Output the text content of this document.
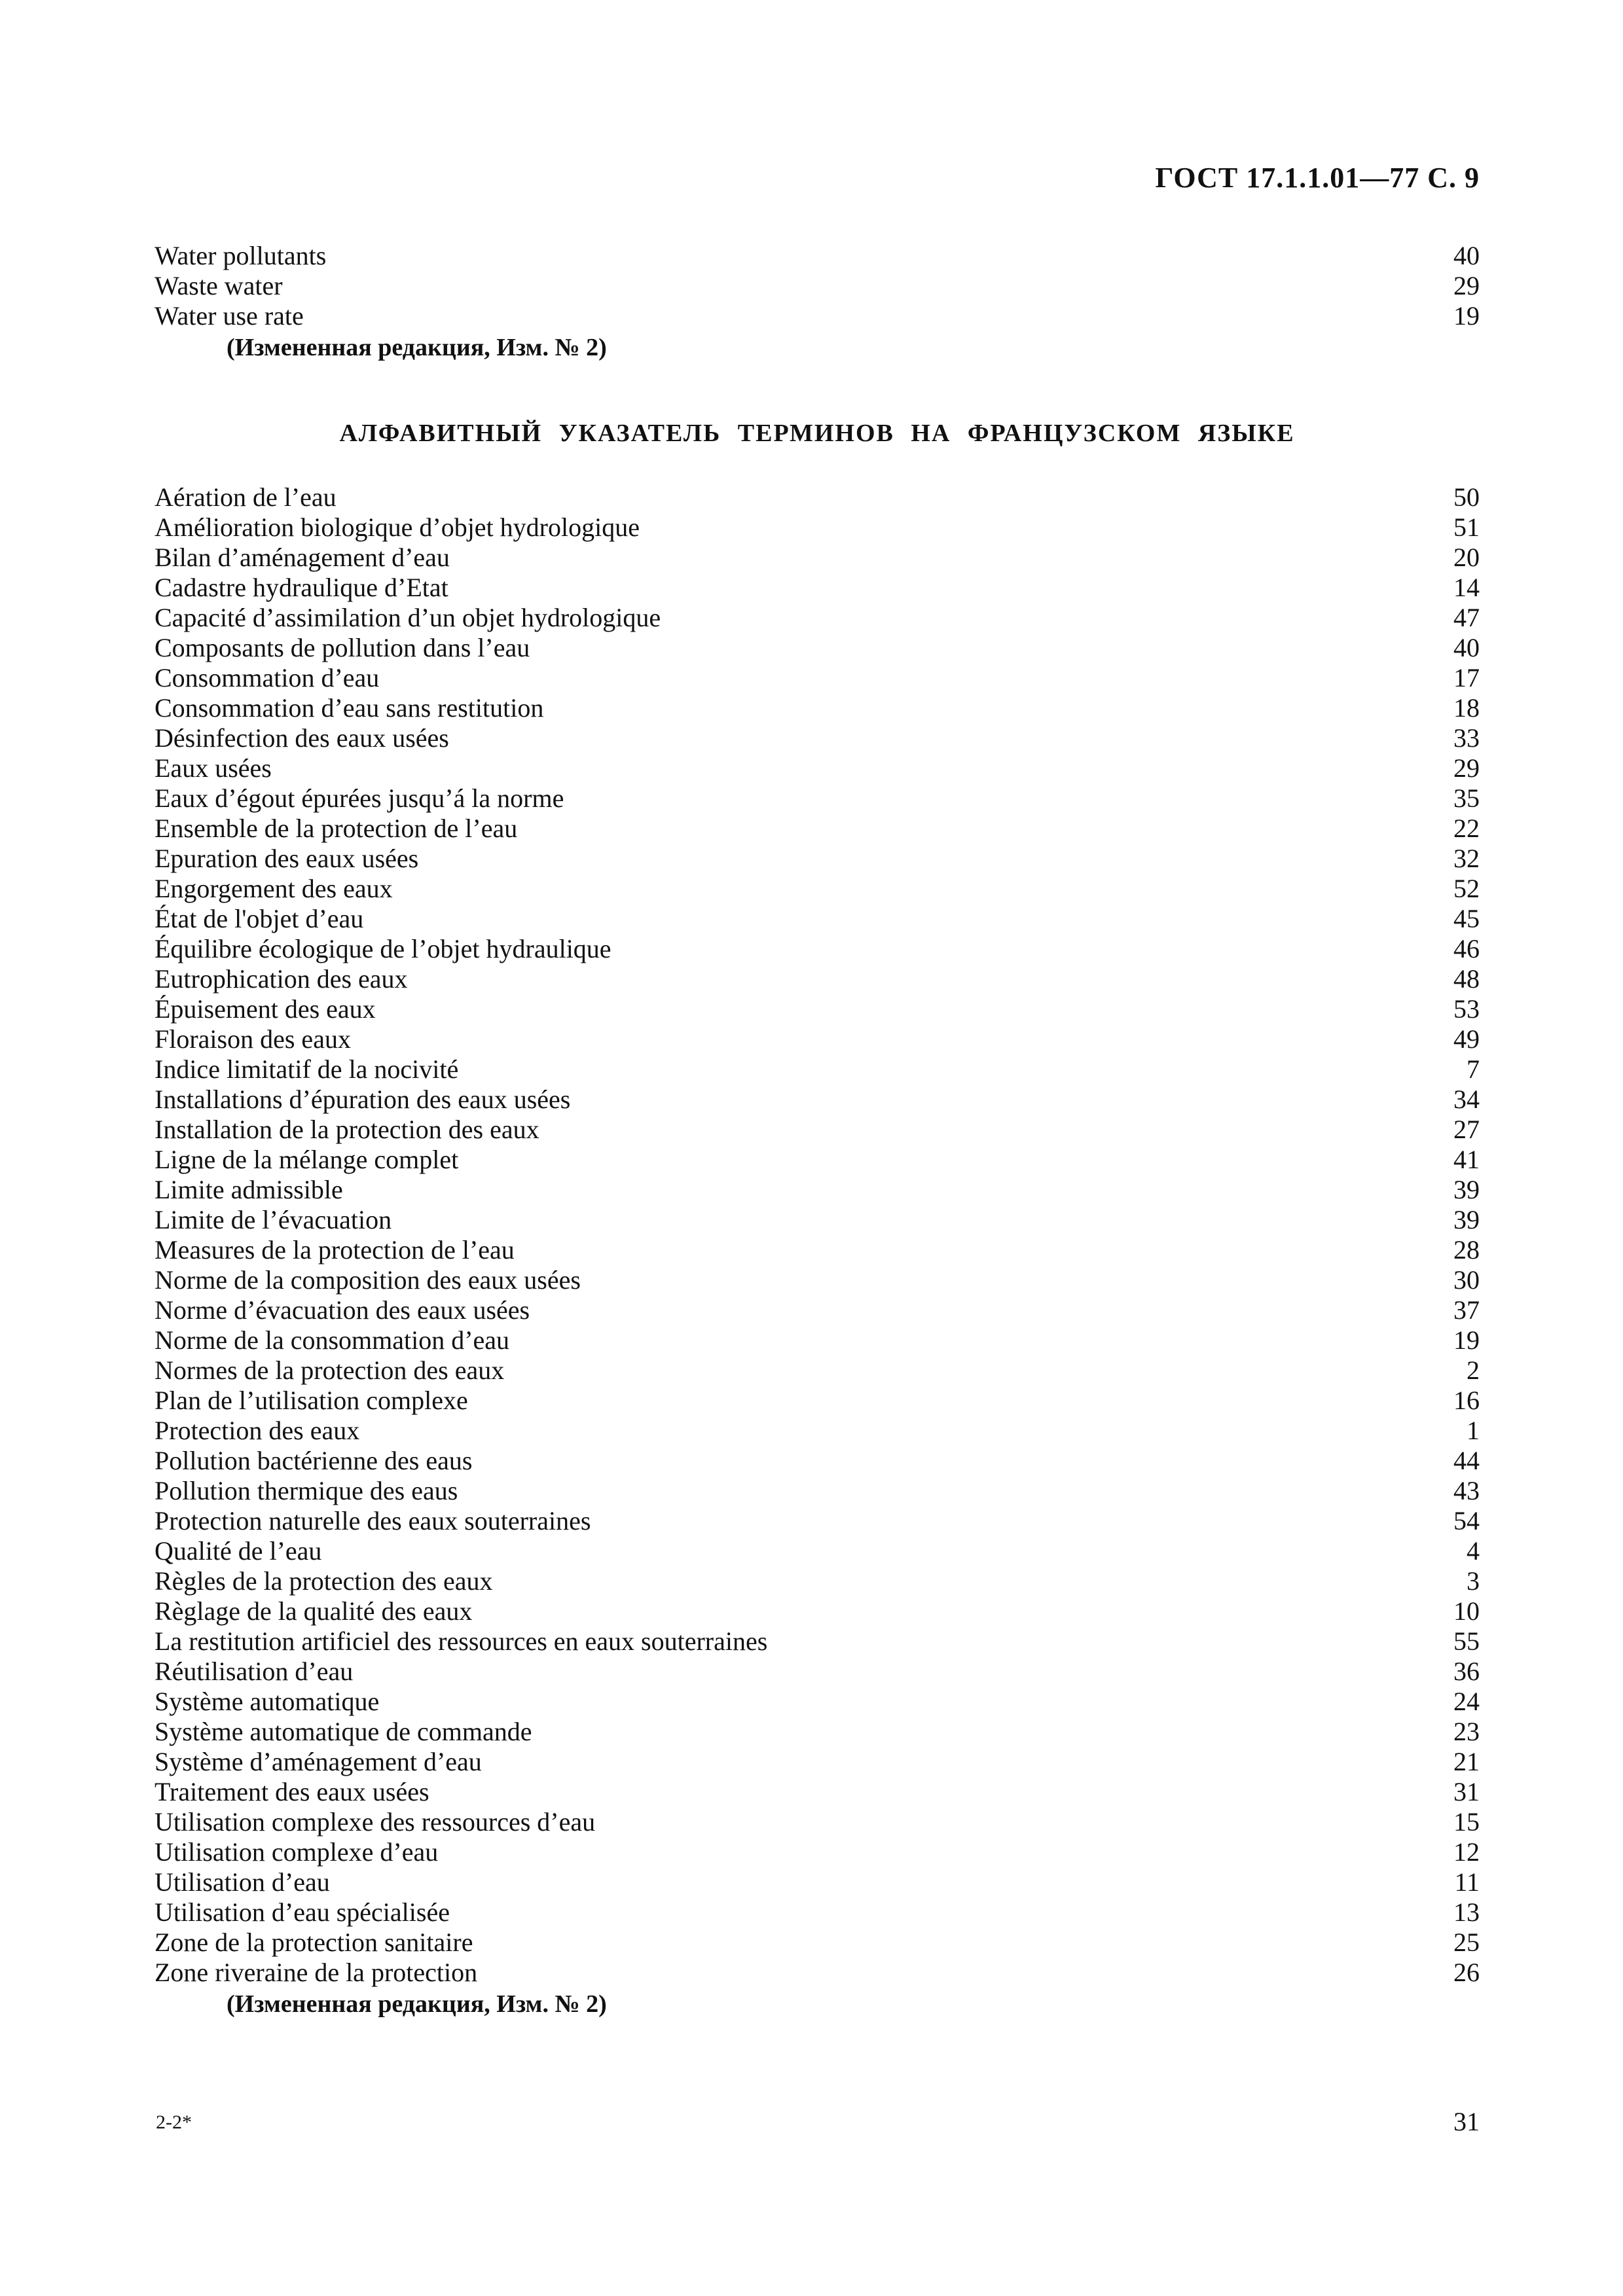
ГОСТ 17.1.1.01—77 С. 9
Water pollutants	40
Waste water	29
Water use rate	19
(Измененная редакция, Изм. № 2)
АЛФАВИТНЫЙ УКАЗАТЕЛЬ ТЕРМИНОВ НА ФРАНЦУЗСКОМ ЯЗЫКЕ
Aération de l’eau	50
Amélioration biologique d’objet hydrologique	51
Bilan d’aménagement d’eau	20
Cadastre hydraulique d’Etat	14
Capacité d’assimilation d’un objet hydrologique	47
Composants de pollution dans l’eau	40
Consommation d’eau	17
Consommation d’eau sans restitution	18
Désinfection des eaux usées	33
Eaux usées	29
Eaux d’égout épurées jusqu’á la norme	35
Ensemble de la protection de l’eau	22
Epuration des eaux usées	32
Engorgement des eaux	52
État de l'objet d’eau	45
Équilibre écologique de l’objet hydraulique	46
Eutrophication des eaux	48
Épuisement des eaux	53
Floraison des eaux	49
Indice limitatif de la nocivité	7
Installations d’épuration des eaux usées	34
Installation de la protection des eaux	27
Ligne de la mélange complet	41
Limite admissible	39
Limite de l’évacuation	39
Measures de la protection de l’eau	28
Norme de la composition des eaux usées	30
Norme d’évacuation des eaux usées	37
Norme de la consommation d’eau	19
Normes de la protection des eaux	2
Plan de l’utilisation complexe	16
Protection des eaux	1
Pollution bactérienne des eaus	44
Pollution thermique des eaus	43
Protection naturelle des eaux souterraines	54
Qualité de l’eau	4
Règles de la protection des eaux	3
Règlage de la qualité des eaux	10
La restitution artificiel des ressources en eaux souterraines	55
Réutilisation d’eau	36
Système automatique	24
Système automatique de commande	23
Système d’aménagement d’eau	21
Traitement des eaux usées	31
Utilisation complexe des ressources d’eau	15
Utilisation complexe d’eau	12
Utilisation d’eau	11
Utilisation d’eau spécialisée	13
Zone de la protection sanitaire	25
Zone riveraine de la protection	26
(Измененная редакция, Изм. № 2)
2-2*	31
